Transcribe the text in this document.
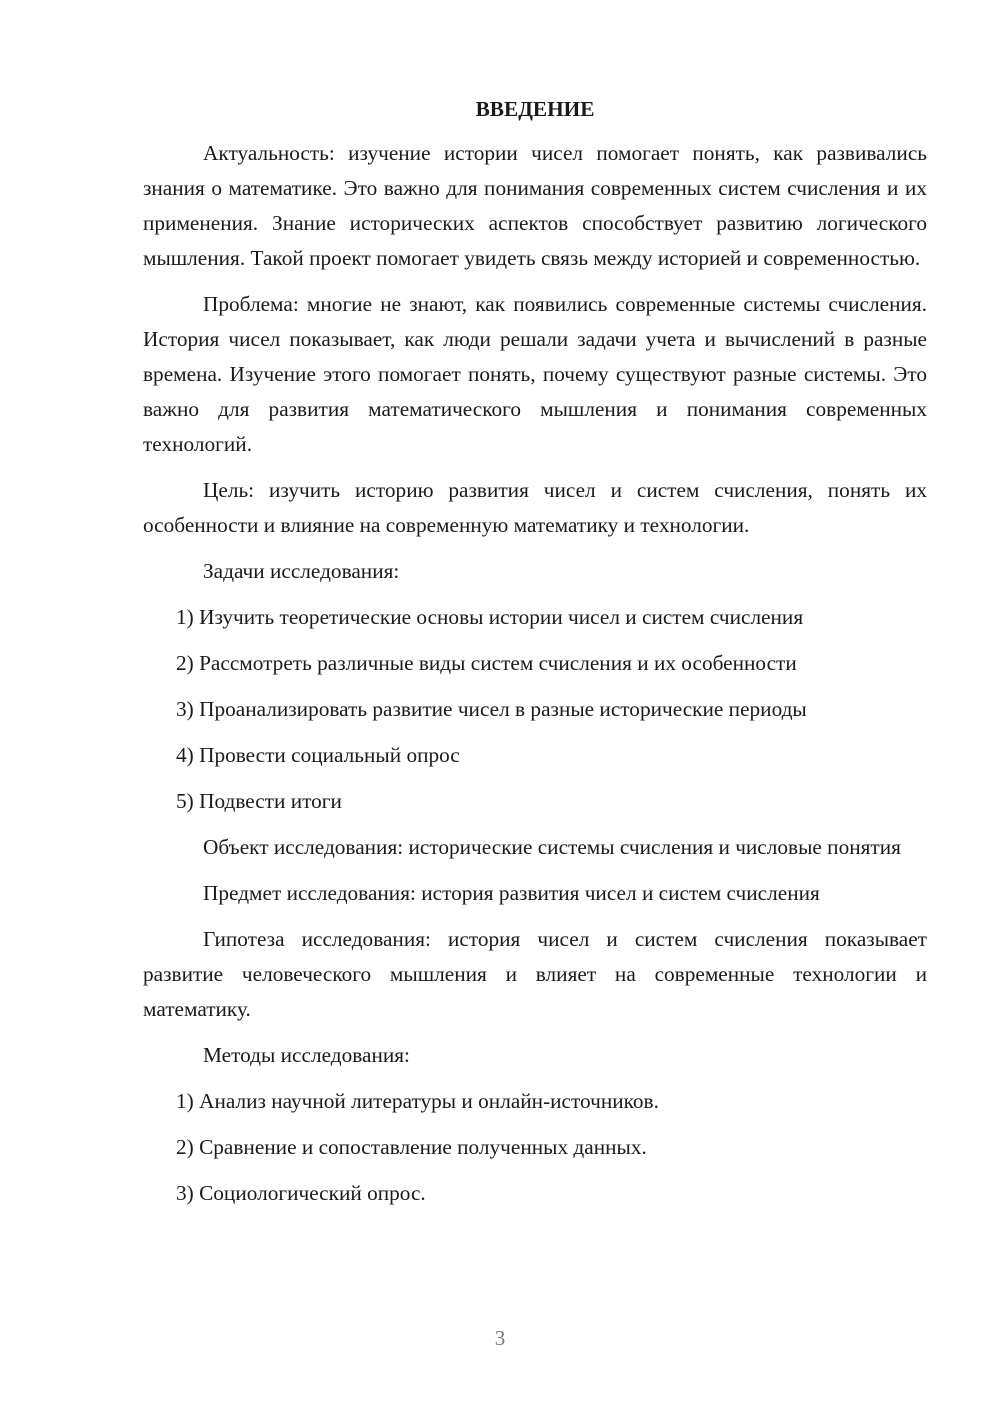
ВВЕДЕНИЕ

Актуальность: изучение истории чисел помогает понять, как развивались знания о математике. Это важно для понимания современных систем счисления и их применения. Знание исторических аспектов способствует развитию логического мышления. Такой проект помогает увидеть связь между историей и современностью.

Проблема: многие не знают, как появились современные системы счисления. История чисел показывает, как люди решали задачи учета и вычислений в разные времена. Изучение этого помогает понять, почему существуют разные системы. Это важно для развития математического мышления и понимания современных технологий.

Цель: изучить историю развития чисел и систем счисления, понять их особенности и влияние на современную математику и технологии.

Задачи исследования:

1) Изучить теоретические основы истории чисел и систем счисления
2) Рассмотреть различные виды систем счисления и их особенности
3) Проанализировать развитие чисел в разные исторические периоды
4) Провести социальный опрос
5) Подвести итоги

Объект исследования: исторические системы счисления и числовые понятия

Предмет исследования: история развития чисел и систем счисления

Гипотеза исследования: история чисел и систем счисления показывает развитие человеческого мышления и влияет на современные технологии и математику.

Методы исследования:

1) Анализ научной литературы и онлайн-источников.
2) Сравнение и сопоставление полученных данных.
3) Социологический опрос.
3
